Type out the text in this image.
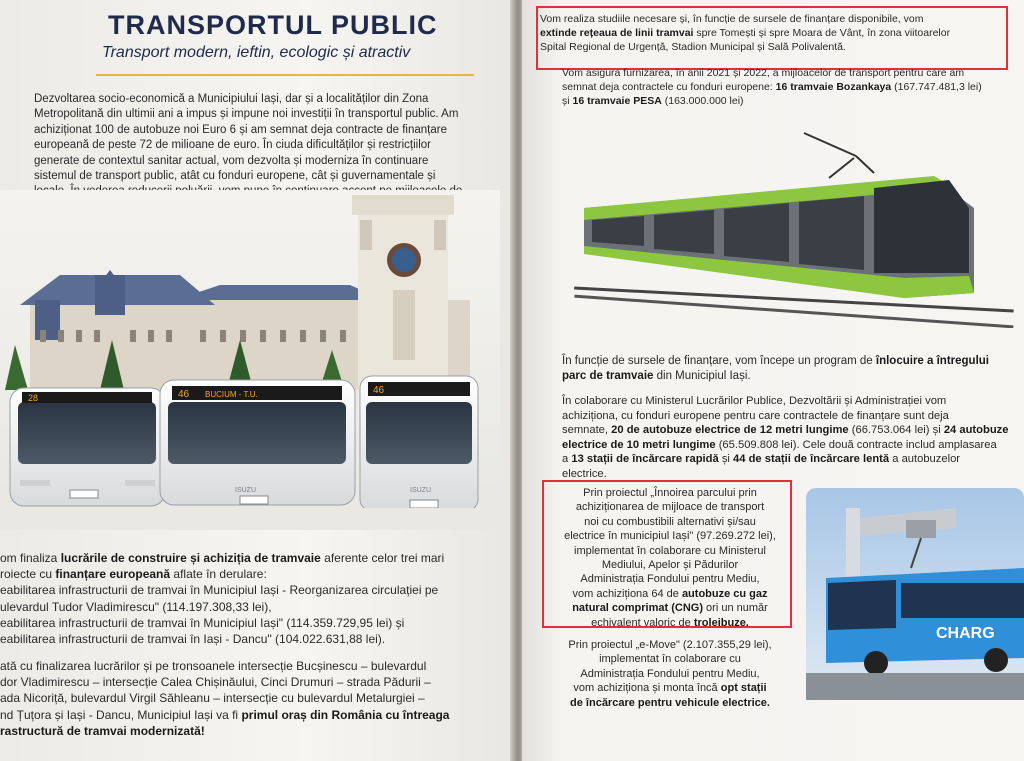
TRANSPORTUL PUBLIC
Transport modern, ieftin, ecologic și atractiv
Dezvoltarea socio-economică a Municipiului Iași, dar și a localităților din Zona
Metropolitană din ultimii ani a impus și impune noi investiții în transportul public. Am
achiziționat 100 de autobuze noi Euro 6 și am semnat deja contracte de finanțare
europeană de peste 72 de milioane de euro. În ciuda dificultăților și restricțiilor
generate de contextul sanitar actual, vom dezvolta și moderniza în continuare
sistemul de transport public, atât cu fonduri europene, cât și guvernamentale și
28	46 BUCIUM - T.U.
ISUZU
46
ISUZU
om finaliza lucrările de construire și achiziția de tramvaie aferente celor trei mari
roiecte cu finanțare europeană aflate în derulare:
eabilitarea infrastructurii de tramvai în Municipiul Iași - Reorganizarea circulației pe
ulevardul Tudor Vladimirescu" (114.197.308,33 lei),
eabilitarea infrastructurii de tramvai în Municipiul Iași" (114.359.729,95 lei) și
eabilitarea infrastructurii de tramvai în Iași - Dancu" (104.022.631,88 lei).
ată cu finalizarea lucrărilor și pe tronsoanele intersecție Bucșinescu – bulevardul
dor Vladimirescu – intersecție Calea Chișinăului, Cinci Drumuri – strada Pădurii –
ada Nicoriță, bulevardul Virgil Săhleanu – intersecție cu bulevardul Metalurgiei –
nd Țuțora și Iași - Dancu, Municipiul Iași va fi primul oraș din România cu întreaga
rastructură de tramvai modernizată!
Vom realiza studiile necesare și, în funcție de sursele de finanțare disponibile, vom
extinde rețeaua de linii tramvai spre Tomești și spre Moara de Vânt, în zona viitoarelor
Spital Regional de Urgență, Stadion Municipal și Sală Polivalentă.
Vom asigura furnizarea, în anii 2021 și 2022, a mijloacelor de transport pentru care am
semnat deja contractele cu fonduri europene: 16 tramvaie Bozankaya (167.747.481,3 lei)
și 16 tramvaie PESA (163.000.000 lei)
În funcție de sursele de finanțare, vom începe un program de înlocuire a întregului
parc de tramvaie din Municipiul Iași.
În colaborare cu Ministerul Lucrărilor Publice, Dezvoltării și Administrației vom
achiziționa, cu fonduri europene pentru care contractele de finanțare sunt deja
semnate, 20 de autobuze electrice de 12 metri lungime (66.753.064 lei) și 24 autobuze
electrice de 10 metri lungime (65.509.808 lei). Cele două contracte includ amplasarea
a 13 stații de încărcare rapidă și 44 de stații de încărcare lentă a autobuzelor
electrice.
Prin proiectul „Înnoirea parcului prin
achiziționarea de mijloace de transport
noi cu combustibili alternativi și/sau
electrice în municipiul Iași" (97.269.272 lei),
implementat în colaborare cu Ministerul
Mediului, Apelor și Pădurilor
Administrația Fondului pentru Mediu,
vom achiziționa 64 de autobuze cu gaz
natural comprimat (CNG) ori un număr
echivalent valoric de troleibuze.
Prin proiectul „e-Move" (2.107.355,29 lei),
implementat în colaborare cu
Administrația Fondului pentru Mediu,
vom achiziționa și monta încă opt stații
de încărcare pentru vehicule electrice.
CHARG
